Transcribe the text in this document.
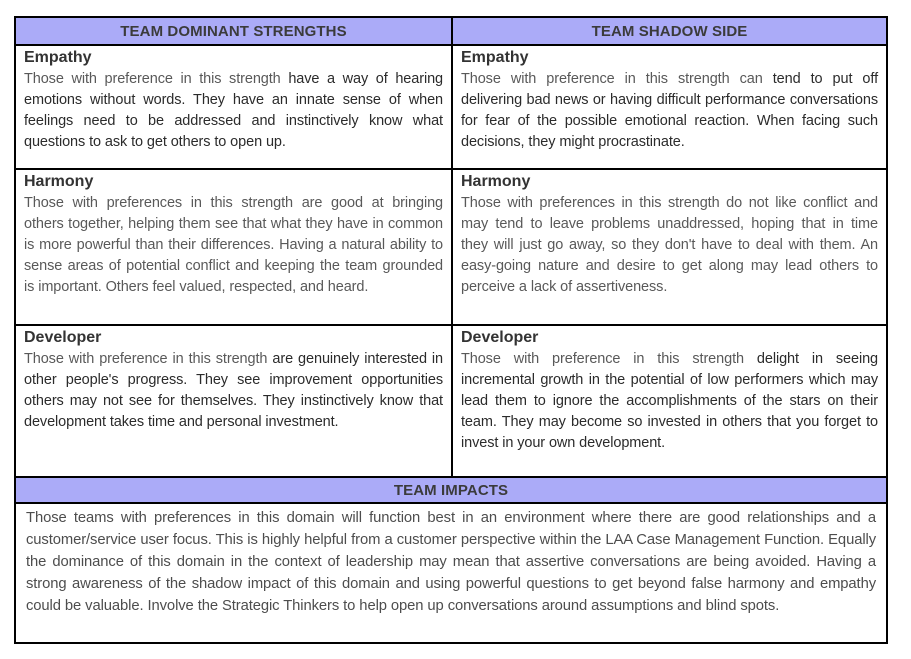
TEAM DOMINANT STRENGTHS	TEAM SHADOW SIDE
Empathy

Those with preference in this strength have a way of hearing emotions without words. They have an innate sense of when feelings need to be addressed and instinctively know what questions to ask to get others to open up.

Empathy

Those with preference in this strength can tend to put off delivering bad news or having difficult performance conversations for fear of the possible emotional reaction. When facing such decisions, they might procrastinate.

Harmony

Those with preferences in this strength are good at bringing others together, helping them see that what they have in common is more powerful than their differences. Having a natural ability to sense areas of potential conflict and keeping the team grounded is important. Others feel valued, respected, and heard.

Harmony

Those with preferences in this strength do not like conflict and may tend to leave problems unaddressed, hoping that in time they will just go away, so they don't have to deal with them. An easy-going nature and desire to get along may lead others to perceive a lack of assertiveness.

Developer

Those with preference in this strength are genuinely interested in other people's progress. They see improvement opportunities others may not see for themselves. They instinctively know that development takes time and personal investment.

Developer

Those with preference in this strength delight in seeing incremental growth in the potential of low performers which may lead them to ignore the accomplishments of the stars on their team. They may become so invested in others that you forget to invest in your own development.

TEAM IMPACTS

Those teams with preferences in this domain will function best in an environment where there are good relationships and a customer/service user focus. This is highly helpful from a customer perspective within the LAA Case Management Function. Equally the dominance of this domain in the context of leadership may mean that assertive conversations are being avoided. Having a strong awareness of the shadow impact of this domain and using powerful questions to get beyond false harmony and empathy could be valuable. Involve the Strategic Thinkers to help open up conversations around assumptions and blind spots.
